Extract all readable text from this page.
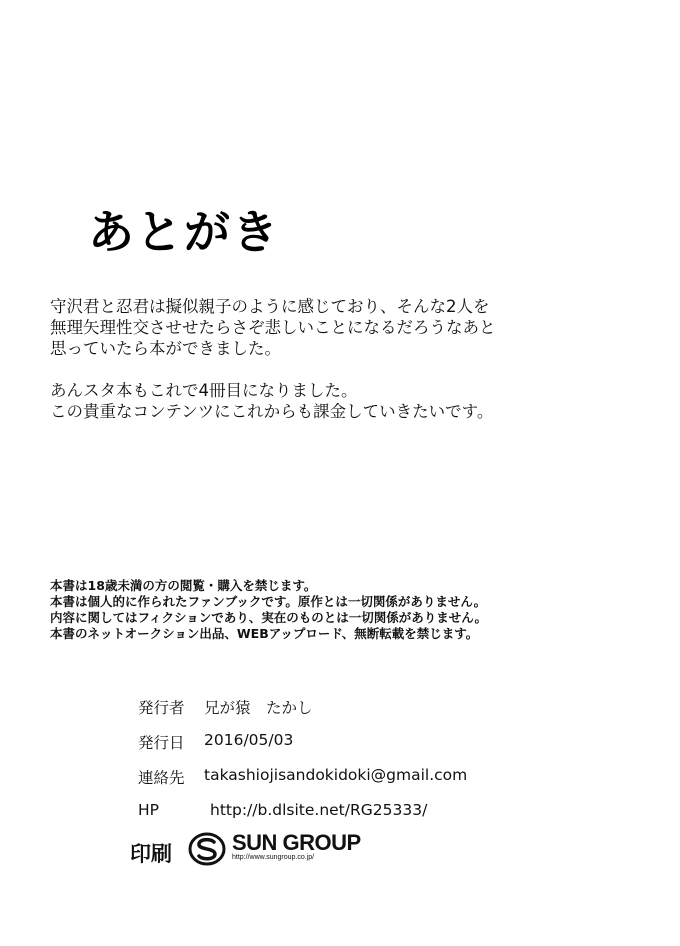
あとがき

守沢君と忍君は擬似親子のように感じており、そんな2人を
無理矢理性交させせたらさぞ悲しいことになるだろうなあと
思っていたら本ができました。

あんスタ本もこれで4冊目になりました。
この貴重なコンテンツにこれからも課金していきたいです。

本書は18歳未満の方の閲覧・購入を禁じます。
本書は個人的に作られたファンブックです。原作とは一切関係がありません。
内容に関してはフィクションであり、実在のものとは一切関係がありません。
本書のネットオークション出品、WEBアップロード、無断転載を禁じます。
発行者 兄が猿　たかし
発行日 2016/05/03
連絡先 takashiojisandokidoki@gmail.com
HP	http://b.dlsite.net/RG25333/
印刷	SUN GROUP
http://www.sungroup.co.jp/
